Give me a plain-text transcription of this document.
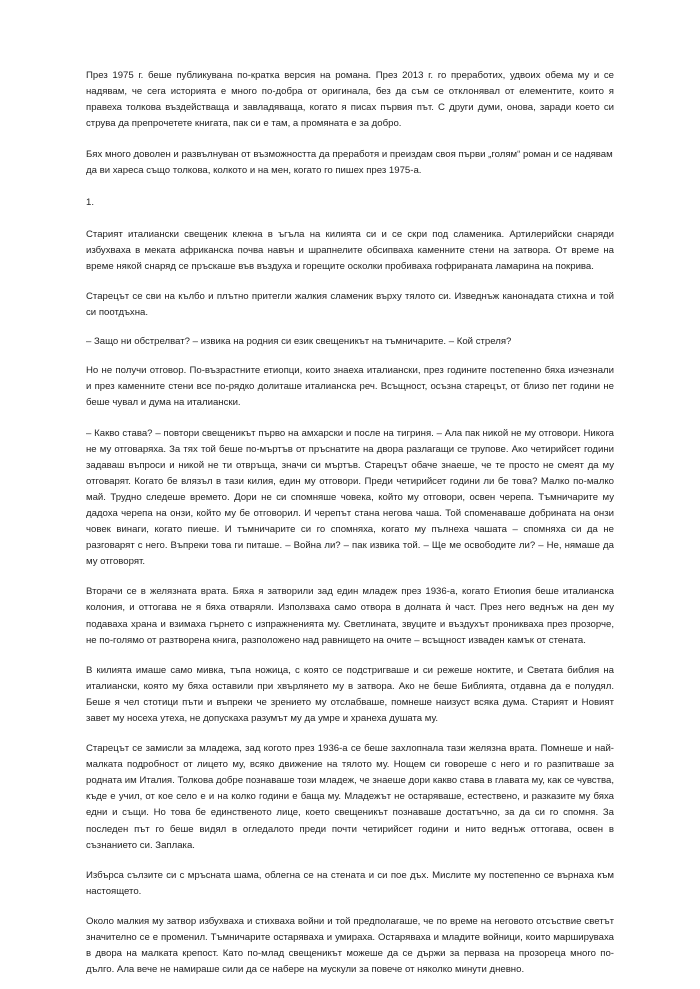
През 1975 г. беше публикувана по-кратка версия на романа. През 2013 г. го преработих, удвоих обема му и се надявам, че сега историята е много по-добра от оригинала, без да съм се отклонявал от елементите, които я правеха толкова въздействаща и завладяваща, когато я писах първия път. С други думи, онова, заради което си струва да препрочетете книгата, пак си е там, а промяната е за добро.

Бях много доволен и развълнуван от възможността да преработя и преиздам своя първи „голям“ роман и се надявам да ви хареса също толкова, колкото и на мен, когато го пишех през 1975-а.

1.

Старият италиански свещеник клекна в ъгъла на килията си и се скри под сламеника. Артилерийски снаряди избухваха в меката африканска почва навън и шрапнелите обсипваха каменните стени на затвора. От време на време някой снаряд се пръскаше във въздуха и горещите осколки пробиваха гофрираната ламарина на покрива.

Старецът се сви на кълбо и плътно притегли жалкия сламеник върху тялото си. Изведнъж канонадата стихна и той си поотдъхна.

– Защо ни обстрелват? – извика на родния си език свещеникът на тъмничарите. – Кой стреля?

Но не получи отговор. По-възрастните етиопци, които знаеха италиански, през годините постепенно бяха изчезнали и през каменните стени все по-рядко долиташе италианска реч. Всъщност, осъзна старецът, от близо пет години не беше чувал и дума на италиански.

– Какво става? – повтори свещеникът първо на амхарски и после на тигриня. – Ала пак никой не му отговори. Никога не му отговаряха. За тях той беше по-мъртъв от пръснатите на двора разлагащи се трупове. Ако четирийсет години задаваш въпроси и никой не ти отвръща, значи си мъртъв. Старецът обаче знаеше, че те просто не смеят да му отговарят. Когато бе влязъл в тази килия, един му отговори. Преди четирийсет години ли бе това? Малко по-малко май. Трудно следеше времето. Дори не си спомняше човека, който му отговори, освен черепа. Тъмничарите му дадоха черепа на онзи, който му бе отговорил. И черепът стана негова чаша. Той споменаваше добрината на онзи човек винаги, когато пиеше. И тъмничарите си го спомняха, когато му пълнеха чашата – спомняха си да не разговарят с него. Въпреки това ги питаше. – Война ли? – пак извика той. – Ще ме освободите ли? – Не, нямаше да му отговорят.

Вторачи се в желязната врата. Бяха я затворили зад един младеж през 1936-а, когато Етиопия беше италианска колония, и оттогава не я бяха отваряли. Използваха само отвора в долната ѝ част. През него веднъж на ден му подаваха храна и взимаха гърнето с изпражненията му. Светлината, звуците и въздухът проникваха през прозорче, не по-голямо от разтворена книга, разположено над равнището на очите – всъщност изваден камък от стената.

В килията имаше само мивка, тъпа ножица, с която се подстригваше и си режеше ноктите, и Светата библия на италиански, която му бяха оставили при хвърлянето му в затвора. Ако не беше Библията, отдавна да е полудял. Беше я чел стотици пъти и въпреки че зрението му отслабваше, помнеше наизуст всяка дума. Старият и Новият завет му носеха утеха, не допускаха разумът му да умре и хранеха душата му.

Старецът се замисли за младежа, зад когото през 1936-а се беше захлопнала тази желязна врата. Помнеше и най-малката подробност от лицето му, всяко движение на тялото му. Нощем си говореше с него и го разпитваше за родната им Италия. Толкова добре познаваше този младеж, че знаеше дори какво става в главата му, как се чувства, къде е учил, от кое село е и на колко години е баща му. Младежът не остаряваше, естествено, и разказите му бяха едни и същи. Но това бе единственото лице, което свещеникът познаваше достатъчно, за да си го спомня. За последен път го беше видял в огледалото преди почти четирийсет години и нито веднъж оттогава, освен в съзнанието си. Заплака.

Избърса сълзите си с мръсната шама, облегна се на стената и си пое дъх. Мислите му постепенно се върнаха към настоящето.

Около малкия му затвор избухваха и стихваха войни и той предполагаше, че по време на неговото отсъствие светът значително се е променил. Тъмничарите остаряваха и умираха. Остаряваха и младите войници, които маршируваха в двора на малката крепост. Като по-млад свещеникът можеше да се държи за перваза на прозореца много по-дълго. Ала вече не намираше сили да се набере на мускули за повече от няколко минути дневно.
